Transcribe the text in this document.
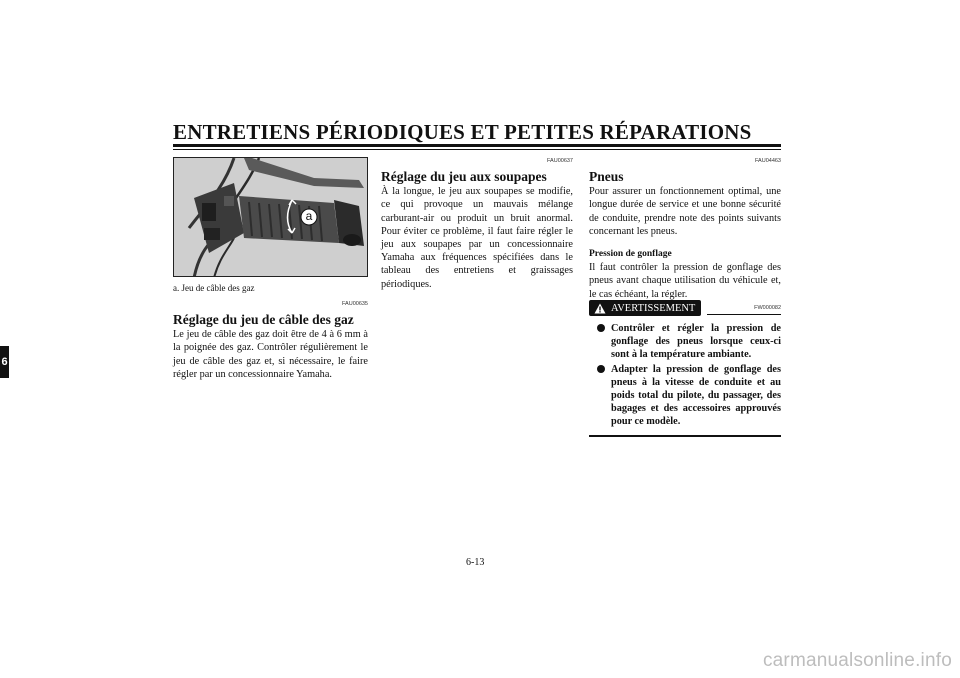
ENTRETIENS PÉRIODIQUES ET PETITES RÉPARATIONS
6
a
a. Jeu de câble des gaz
FAU00635
Réglage du jeu de câble des gaz
Le jeu de câble des gaz doit être de 4 à 6 mm à la poignée des gaz. Contrôler régulièrement le jeu de câble des gaz et, si nécessaire, le faire régler par un concessionnaire Yamaha.
FAU00637
Réglage du jeu aux soupapes
À la longue, le jeu aux soupapes se modifie, ce qui provoque un mauvais mélange carburant-air ou produit un bruit anormal. Pour éviter ce problème, il faut faire régler le jeu aux soupapes par un concessionnaire Yamaha aux fréquences spécifiées dans le tableau des entretiens et graissages périodiques.
FAU04463
Pneus
Pour assurer un fonctionnement optimal, une longue durée de service et une bonne sécurité de conduite, prendre note des points suivants concernant les pneus.
Pression de gonflage
Il faut contrôler la pression de gonflage des pneus avant chaque utilisation du véhicule et, le cas échéant, la régler.
FW000082
AVERTISSEMENT
Contrôler et régler la pression de gonflage des pneus lorsque ceux-ci sont à la température ambiante.
Adapter la pression de gonflage des pneus à la vitesse de conduite et au poids total du pilote, du passager, des bagages et des accessoires approuvés pour ce modèle.
6-13
carmanualsonline.info
